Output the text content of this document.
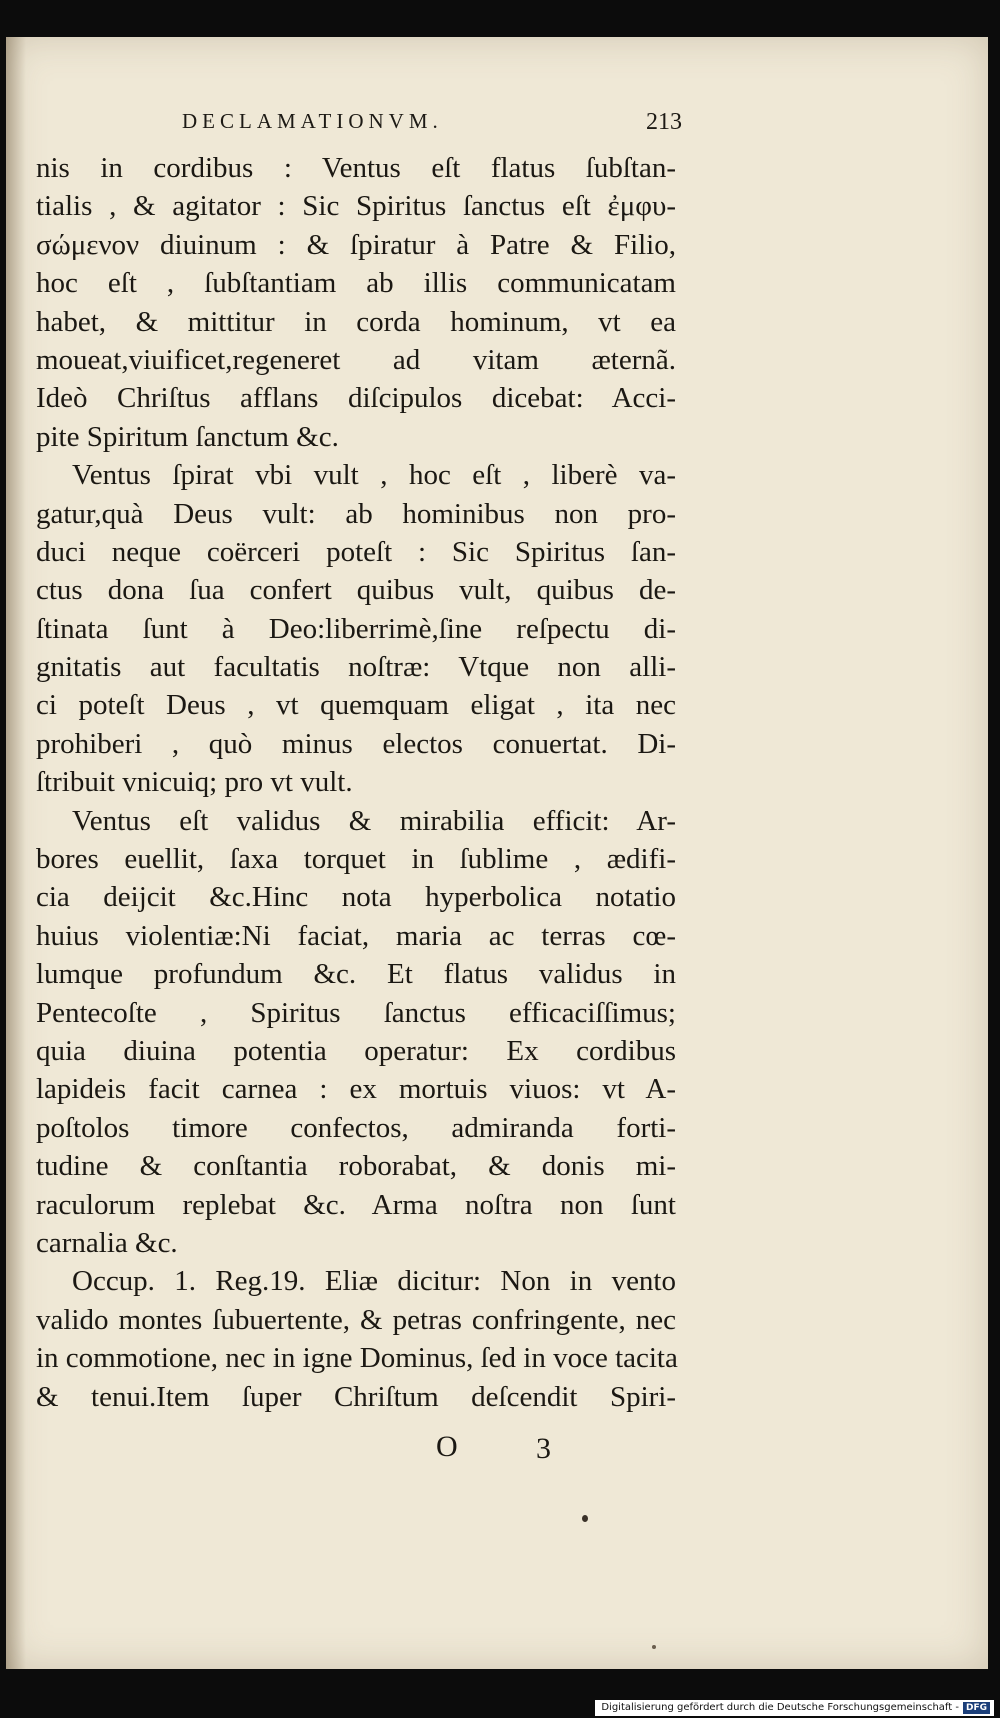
DECLAMATIONVM.	213
nis in cordibus : Ventus eſt flatus ſubſtan-
tialis , & agitator : Sic Spiritus ſanctus eſt ἐμφυ-
σώμενον diuinum : & ſpiratur à Patre & Filio,
hoc eſt , ſubſtantiam ab illis communicatam
habet, & mittitur in corda hominum, vt ea
moueat,viuificet,regeneret ad vitam æternã.
Ideò Chriſtus afflans diſcipulos dicebat: Acci-
pite Spiritum ſanctum &c.
Ventus ſpirat vbi vult , hoc eſt , liberè va-
gatur,quà Deus vult: ab hominibus non pro-
duci neque coërceri poteſt : Sic Spiritus ſan-
ctus dona ſua confert quibus vult, quibus de-
ſtinata ſunt à Deo:liberrimè,ſine reſpectu di-
gnitatis aut facultatis noſtræ: Vtque non alli-
ci poteſt Deus , vt quemquam eligat , ita nec
prohiberi , quò minus electos conuertat. Di-
ſtribuit vnicuiq; pro vt vult.
Ventus eſt validus & mirabilia efficit: Ar-
bores euellit, ſaxa torquet in ſublime , ædifi-
cia deijcit &c.Hinc nota hyperbolica notatio
huius violentiæ:Ni faciat, maria ac terras cœ-
lumque profundum &c. Et flatus validus in
Pentecoſte , Spiritus ſanctus efficaciſſimus;
quia diuina potentia operatur: Ex cordibus
lapideis facit carnea : ex mortuis viuos: vt A-
poſtolos timore confectos, admiranda forti-
tudine & conſtantia roborabat, & donis mi-
raculorum replebat &c. Arma noſtra non ſunt
carnalia &c.
Occup. 1. Reg.19. Eliæ dicitur: Non in vento
valido montes ſubuertente, & petras confringente, nec
in commotione, nec in igne Dominus, ſed in voce tacita
& tenui.Item ſuper Chriſtum deſcendit Spiri-
O	3
Digitalisierung gefördert durch die Deutsche Forschungsgemeinschaft - DFG
